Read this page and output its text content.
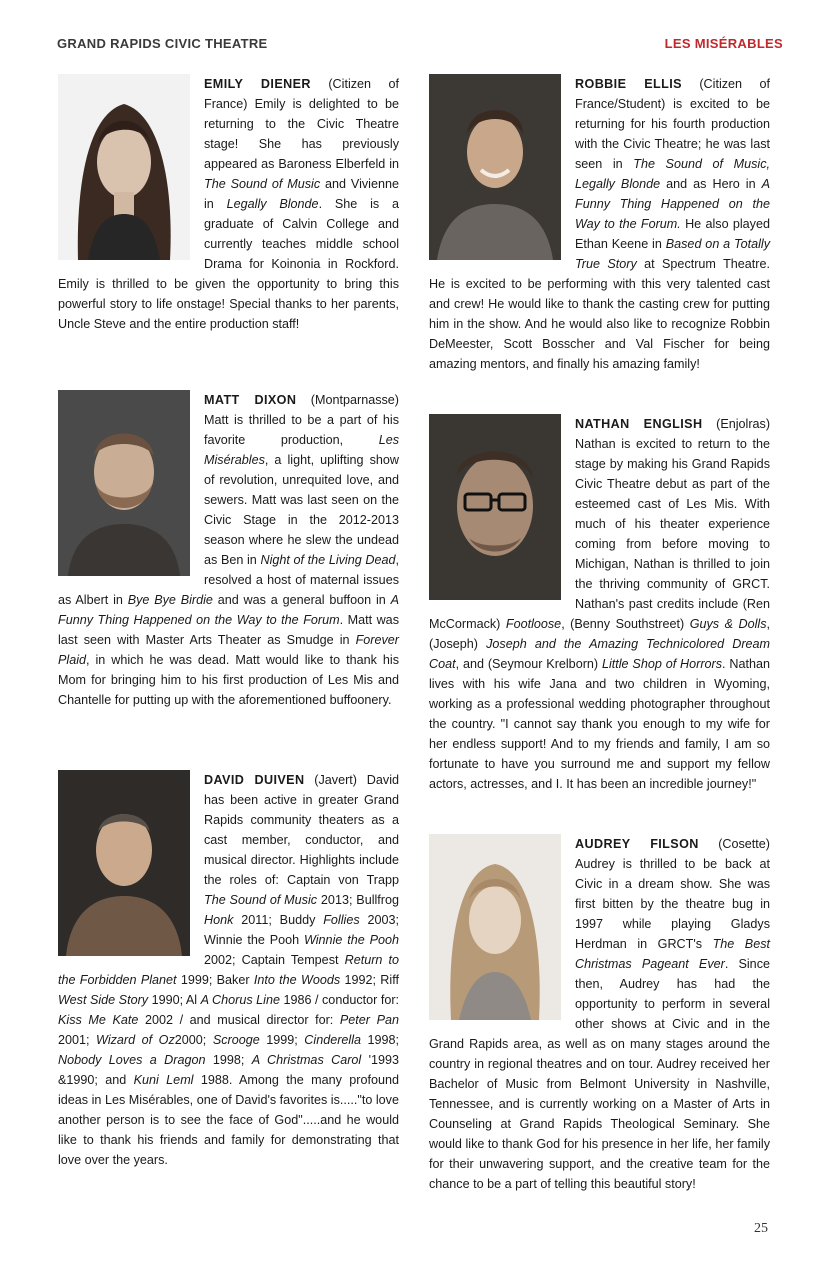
GRAND RAPIDS CIVIC THEATRE	LES MISÉRABLES

EMILY DIENER (Citizen of France) Emily is delighted to be returning to the Civic Theatre stage! She has previously appeared as Baroness Elberfeld in The Sound of Music and Vivienne in Legally Blonde. She is a graduate of Calvin College and currently teaches middle school Drama for Koinonia in Rockford. Emily is thrilled to be given the opportunity to bring this powerful story to life onstage! Special thanks to her parents, Uncle Steve and the entire production staff!

MATT DIXON (Montparnasse) Matt is thrilled to be a part of his favorite production, Les Misérables, a light, uplifting show of revolution, unrequited love, and sewers. Matt was last seen on the Civic Stage in the 2012-2013 season where he slew the undead as Ben in Night of the Living Dead, resolved a host of maternal issues as Albert in Bye Bye Birdie and was a general buffoon in A Funny Thing Happened on the Way to the Forum. Matt was last seen with Master Arts Theater as Smudge in Forever Plaid, in which he was dead. Matt would like to thank his Mom for bringing him to his first production of Les Mis and Chantelle for putting up with the aforementioned buffoonery.

DAVID DUIVEN (Javert) David has been active in greater Grand Rapids community theaters as a cast member, conductor, and musical director. Highlights include the roles of: Captain von Trapp The Sound of Music 2013; Bullfrog Honk 2011; Buddy Follies 2003; Winnie the Pooh Winnie the Pooh 2002; Captain Tempest Return to the Forbidden Planet 1999; Baker Into the Woods 1992; Riff West Side Story 1990; Al A Chorus Line 1986 / conductor for: Kiss Me Kate 2002 / and musical director for: Peter Pan 2001; Wizard of Oz2000; Scrooge 1999; Cinderella 1998; Nobody Loves a Dragon 1998; A Christmas Carol '1993 &1990; and Kuni Leml 1988. Among the many profound ideas in Les Misérables, one of David's favorites is....."to love another person is to see the face of God".....and he would like to thank his friends and family for demonstrating that love over the years.

ROBBIE ELLIS (Citizen of France/Student) is excited to be returning for his fourth production with the Civic Theatre; he was last seen in The Sound of Music, Legally Blonde and as Hero in A Funny Thing Happened on the Way to the Forum. He also played Ethan Keene in Based on a Totally True Story at Spectrum Theatre. He is excited to be performing with this very talented cast and crew! He would like to thank the casting crew for putting him in the show. And he would also like to recognize Robbin DeMeester, Scott Bosscher and Val Fischer for being amazing mentors, and finally his amazing family!

NATHAN ENGLISH (Enjolras) Nathan is excited to return to the stage by making his Grand Rapids Civic Theatre debut as part of the esteemed cast of Les Mis. With much of his theater experience coming from before moving to Michigan, Nathan is thrilled to join the thriving community of GRCT. Nathan's past credits include (Ren McCormack) Footloose, (Benny Southstreet) Guys & Dolls, (Joseph) Joseph and the Amazing Technicolored Dream Coat, and (Seymour Krelborn) Little Shop of Horrors. Nathan lives with his wife Jana and two children in Wyoming, working as a professional wedding photographer throughout the country. "I cannot say thank you enough to my wife for her endless support! And to my friends and family, I am so fortunate to have you surround me and support my fellow actors, actresses, and I. It has been an incredible journey!"

AUDREY FILSON (Cosette) Audrey is thrilled to be back at Civic in a dream show. She was first bitten by the theatre bug in 1997 while playing Gladys Herdman in GRCT's The Best Christmas Pageant Ever. Since then, Audrey has had the opportunity to perform in several other shows at Civic and in the Grand Rapids area, as well as on many stages around the country in regional theatres and on tour. Audrey received her Bachelor of Music from Belmont University in Nashville, Tennessee, and is currently working on a Master of Arts in Counseling at Grand Rapids Theological Seminary. She would like to thank God for his presence in her life, her family for their unwavering support, and the creative team for the chance to be a part of telling this beautiful story!

25
